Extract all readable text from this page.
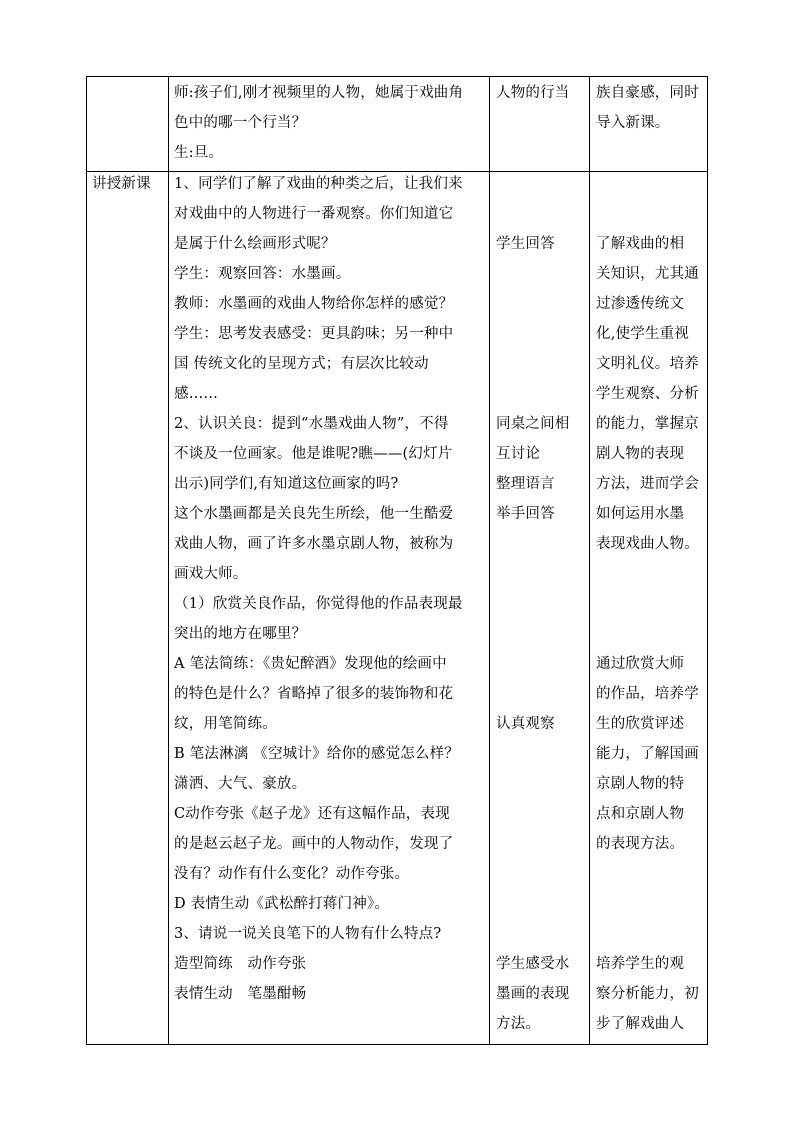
师:孩子们,刚才视频里的人物，她属于戏曲角

色中的哪一个行当？

生:旦。

人物的行当	族自豪感，同时

导入新课。

讲授新课	1、同学们了解了戏曲的种类之后，让我们来

对戏曲中的人物进行一番观察。你们知道它

是属于什么绘画形式呢？

学生：观察回答：水墨画。

教师：水墨画的戏曲人物给你怎样的感觉？

学生：思考发表感受：更具韵味；另一种中

国 传统文化的呈现方式；有层次比较动

感……

2、认识关良：提到“水墨戏曲人物”，不得

不谈及一位画家。他是谁呢?瞧——(幻灯片

出示)同学们,有知道这位画家的吗?

这个水墨画都是关良先生所绘，他一生酷爱

戏曲人物，画了许多水墨京剧人物，被称为

画戏大师。

（1）欣赏关良作品，你觉得他的作品表现最

突出的地方在哪里？

A 笔法简练：《贵妃醉酒》发现他的绘画中

的特色是什么？省略掉了很多的装饰物和花

纹，用笔简练。

B 笔法淋漓 《空城计》给你的感觉怎么样？

潇洒、大气、豪放。

C动作夸张《赵子龙》还有这幅作品，表现

的是赵云赵子龙。画中的人物动作，发现了

没有？动作有什么变化？动作夸张。

D 表情生动《武松醉打蒋门神》。

3、请说一说关良笔下的人物有什么特点?

造型简练　动作夸张

表情生动　笔墨酣畅

学生回答

同桌之间相

互讨论

整理语言

举手回答

认真观察

学生感受水

墨画的表现

方法。

了解戏曲的相

关知识，尤其通

过渗透传统文

化,使学生重视

文明礼仪。培养

学生观察、分析

的能力，掌握京

剧人物的表现

方法，进而学会

如何运用水墨

表现戏曲人物。

通过欣赏大师

的作品，培养学

生的欣赏评述

能力，了解国画

京剧人物的特

点和京剧人物

的表现方法。

培养学生的观

察分析能力，初

步了解戏曲人
